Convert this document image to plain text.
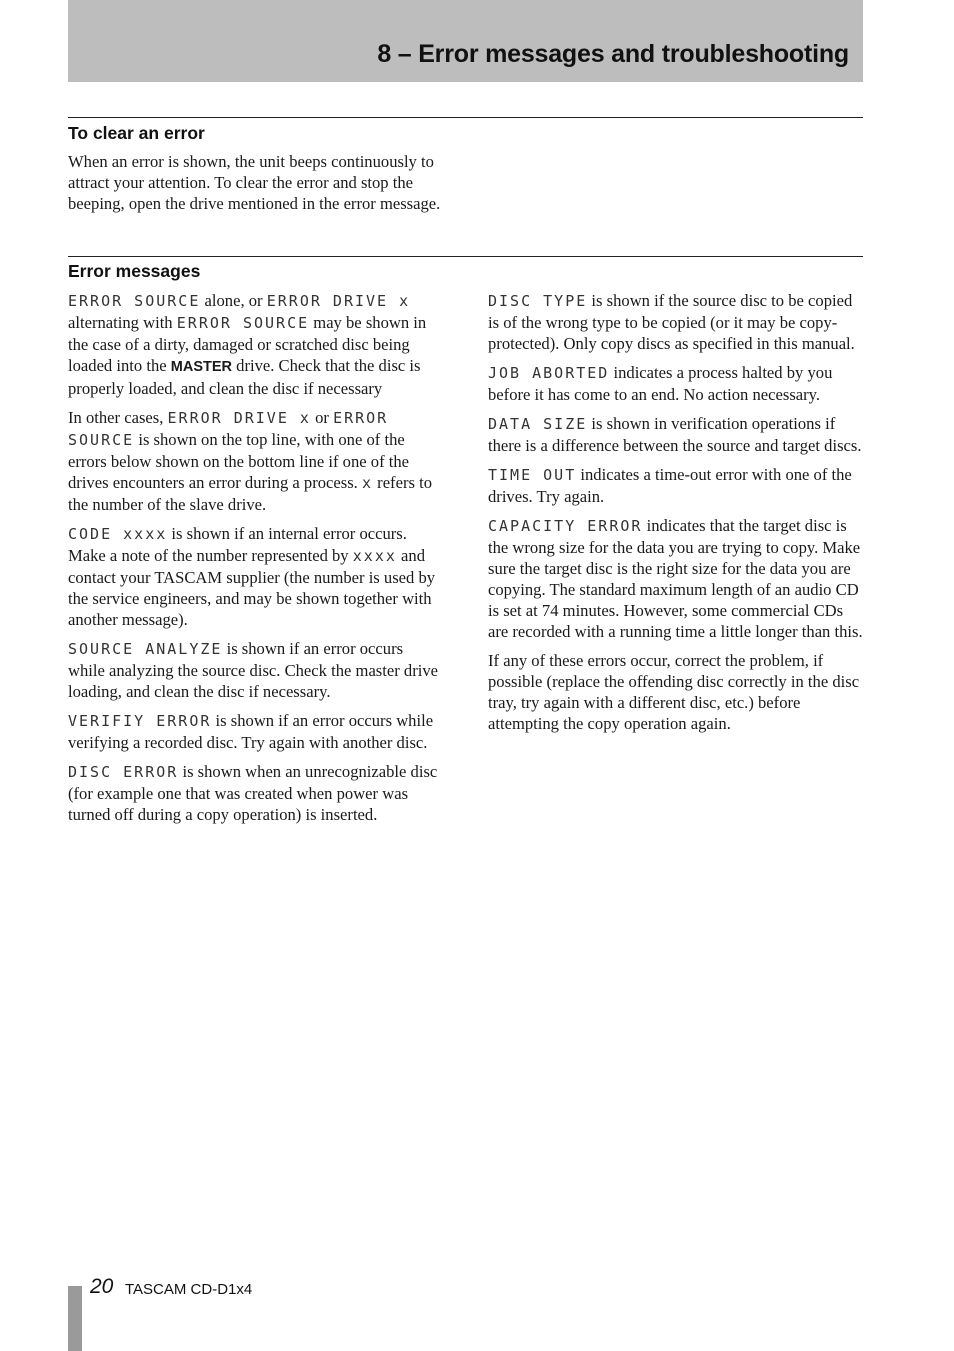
8 – Error messages and troubleshooting
To clear an error

When an error is shown, the unit beeps continuously to attract your attention. To clear the error and stop the beeping, open the drive mentioned in the error message.

Error messages

ERROR SOURCE alone, or ERROR DRIVE x alternating with ERROR SOURCE may be shown in the case of a dirty, damaged or scratched disc being loaded into the MASTER drive. Check that the disc is properly loaded, and clean the disc if necessary

In other cases, ERROR DRIVE x or ERROR SOURCE is shown on the top line, with one of the errors below shown on the bottom line if one of the drives encounters an error during a process. x refers to the number of the slave drive.

CODE xxxx is shown if an internal error occurs. Make a note of the number represented by xxxx and contact your TASCAM supplier (the number is used by the service engineers, and may be shown together with another message).

SOURCE ANALYZE is shown if an error occurs while analyzing the source disc. Check the master drive loading, and clean the disc if necessary.

VERIFIY ERROR is shown if an error occurs while verifying a recorded disc. Try again with another disc.

DISC ERROR is shown when an unrecognizable disc (for example one that was created when power was turned off during a copy operation) is inserted.

DISC TYPE is shown if the source disc to be copied is of the wrong type to be copied (or it may be copy-protected). Only copy discs as specified in this manual.

JOB ABORTED indicates a process halted by you before it has come to an end. No action necessary.

DATA SIZE is shown in verification operations if there is a difference between the source and target discs.

TIME OUT indicates a time-out error with one of the drives. Try again.

CAPACITY ERROR indicates that the target disc is the wrong size for the data you are trying to copy. Make sure the target disc is the right size for the data you are copying. The standard maximum length of an audio CD is set at 74 minutes. However, some commercial CDs are recorded with a running time a little longer than this.

If any of these errors occur, correct the problem, if possible (replace the offending disc correctly in the disc tray, try again with a different disc, etc.) before attempting the copy operation again.

20 TASCAM CD-D1x4
